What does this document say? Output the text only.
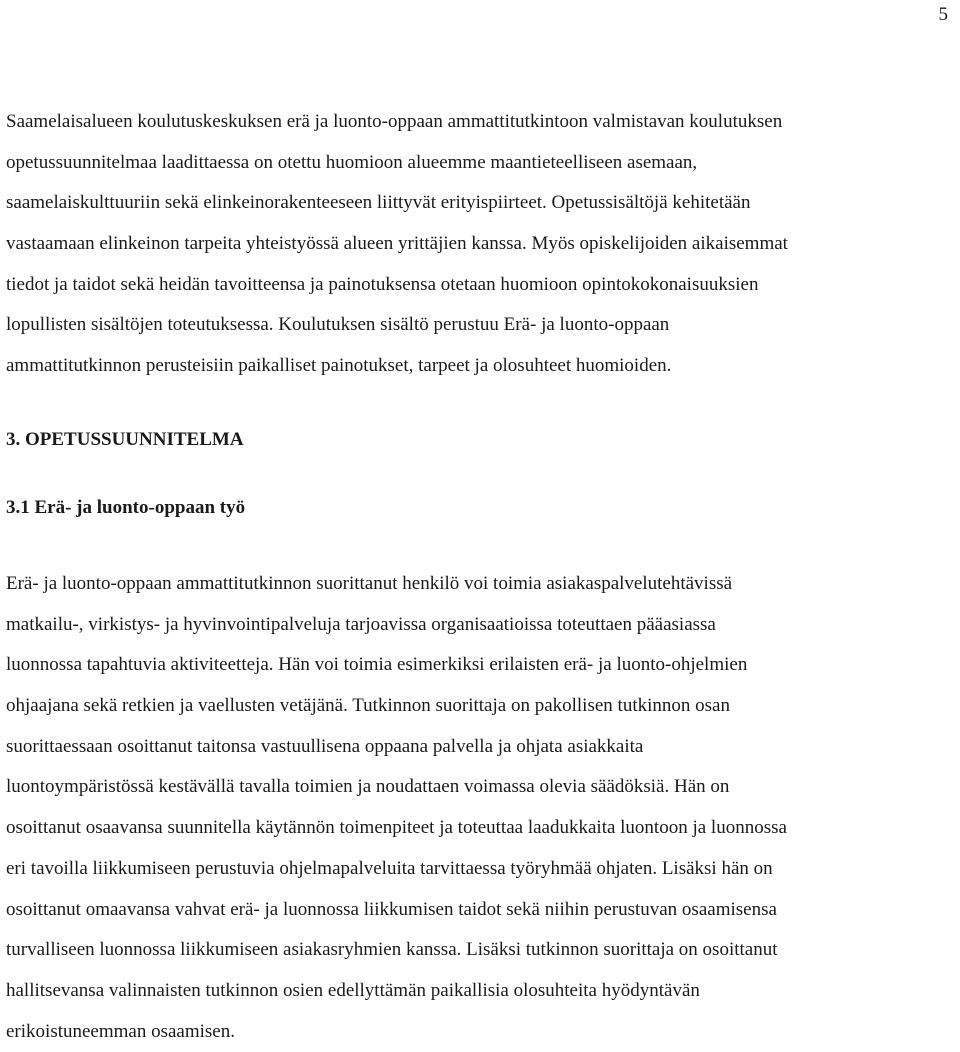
5

Saamelaisalueen koulutuskeskuksen erä ja luonto-oppaan ammattitutkintoon valmistavan koulutuksen
opetussuunnitelmaa laadittaessa on otettu huomioon alueemme maantieteelliseen asemaan,
saamelaiskulttuuriin sekä elinkeinorakenteeseen liittyvät erityispiirteet. Opetussisältöjä kehitetään
vastaamaan elinkeinon tarpeita yhteistyössä alueen yrittäjien kanssa. Myös opiskelijoiden aikaisemmat
tiedot ja taidot sekä heidän tavoitteensa ja painotuksensa otetaan huomioon opintokokonaisuuksien
lopullisten sisältöjen toteutuksessa. Koulutuksen sisältö perustuu Erä- ja luonto-oppaan
ammattitutkinnon perusteisiin paikalliset painotukset, tarpeet ja olosuhteet huomioiden.

3. OPETUSSUUNNITELMA
3.1 Erä- ja luonto-oppaan työ

Erä- ja luonto-oppaan ammattitutkinnon suorittanut henkilö voi toimia asiakaspalvelutehtävissä
matkailu-, virkistys- ja hyvinvointipalveluja tarjoavissa organisaatioissa toteuttaen pääasiassa
luonnossa tapahtuvia aktiviteetteja. Hän voi toimia esimerkiksi erilaisten erä- ja luonto-ohjelmien
ohjaajana sekä retkien ja vaellusten vetäjänä. Tutkinnon suorittaja on pakollisen tutkinnon osan
suorittaessaan osoittanut taitonsa vastuullisena oppaana palvella ja ohjata asiakkaita
luontoympäristössä kestävällä tavalla toimien ja noudattaen voimassa olevia säädöksiä. Hän on
osoittanut osaavansa suunnitella käytännön toimenpiteet ja toteuttaa laadukkaita luontoon ja luonnossa
eri tavoilla liikkumiseen perustuvia ohjelmapalveluita tarvittaessa työryhmää ohjaten. Lisäksi hän on
osoittanut omaavansa vahvat erä- ja luonnossa liikkumisen taidot sekä niihin perustuvan osaamisensa
turvalliseen luonnossa liikkumiseen asiakasryhmien kanssa. Lisäksi tutkinnon suorittaja on osoittanut
hallitsevansa valinnaisten tutkinnon osien edellyttämän paikallisia olosuhteita hyödyntävän
erikoistuneemman osaamisen.
